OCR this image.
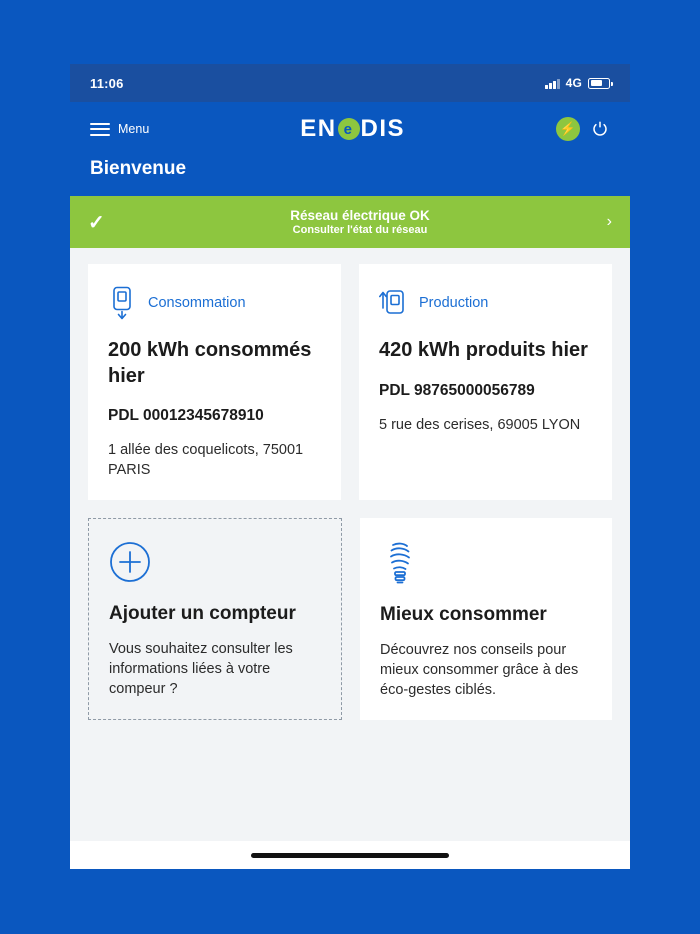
11:06	4G
Menu	EN e DIS	⚡
Bienvenue
✓	Réseau électrique OK
Consulter l'état du réseau	›
Consommation
200 kWh consommés hier
PDL 00012345678910
1 allée des coquelicots, 75001 PARIS
Production
420 kWh produits hier
PDL 98765000056789
5 rue des cerises, 69005 LYON
Ajouter un compteur
Vous souhaitez consulter les informations liées à votre compeur ?
Mieux consommer
Découvrez nos conseils pour mieux consommer grâce à des éco-gestes ciblés.
